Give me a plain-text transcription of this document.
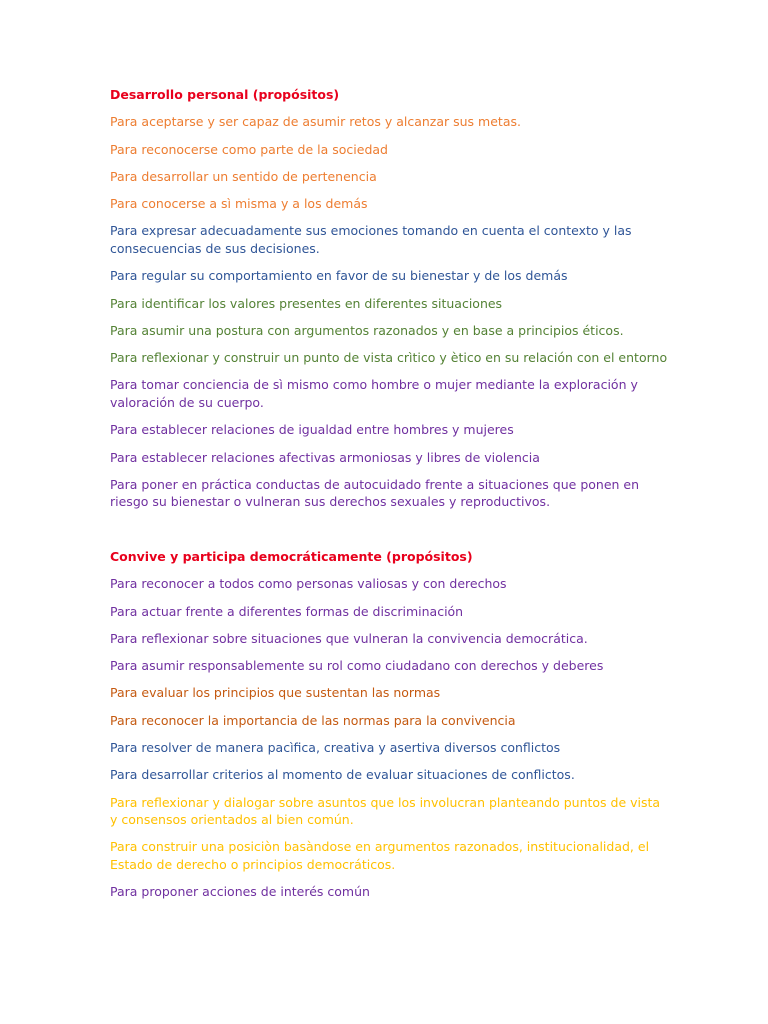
Desarrollo personal (propósitos)

Para aceptarse y ser capaz de asumir retos y alcanzar sus metas.

Para reconocerse como parte de la sociedad

Para desarrollar un sentido de pertenencia

Para conocerse a sì misma y a los demás

Para expresar adecuadamente sus emociones tomando en cuenta el contexto y las consecuencias de sus decisiones.

Para regular su comportamiento en favor de su bienestar y de los demás

Para identificar los valores presentes en diferentes situaciones

Para asumir una postura con argumentos razonados y en base a principios éticos.

Para reflexionar y construir un punto de vista crìtico y ètico en su relación con el entorno

Para tomar conciencia de sì mismo como hombre o mujer mediante la exploración y valoración de su cuerpo.

Para establecer relaciones de igualdad entre hombres y mujeres

Para establecer relaciones afectivas armoniosas y libres de violencia

Para poner en práctica conductas de autocuidado frente a situaciones que ponen en riesgo su bienestar o vulneran sus derechos sexuales y reproductivos.

Convive y participa democráticamente (propósitos)

Para reconocer a todos como personas valiosas y con derechos

Para actuar frente a diferentes formas de discriminación

Para reflexionar sobre situaciones que vulneran la convivencia democrática.

Para asumir responsablemente su rol como ciudadano con derechos y deberes

Para evaluar los principios que sustentan las normas

Para reconocer la importancia de las normas para la convivencia

Para resolver de manera pacìfica, creativa y asertiva diversos conflictos

Para desarrollar criterios al momento de evaluar situaciones de conflictos.

Para reflexionar y dialogar sobre asuntos que los involucran planteando puntos de vista y consensos orientados al bien común.

Para construir una posiciòn basàndose en argumentos razonados, institucionalidad, el Estado de derecho o principios democráticos.

Para proponer acciones de interés común
